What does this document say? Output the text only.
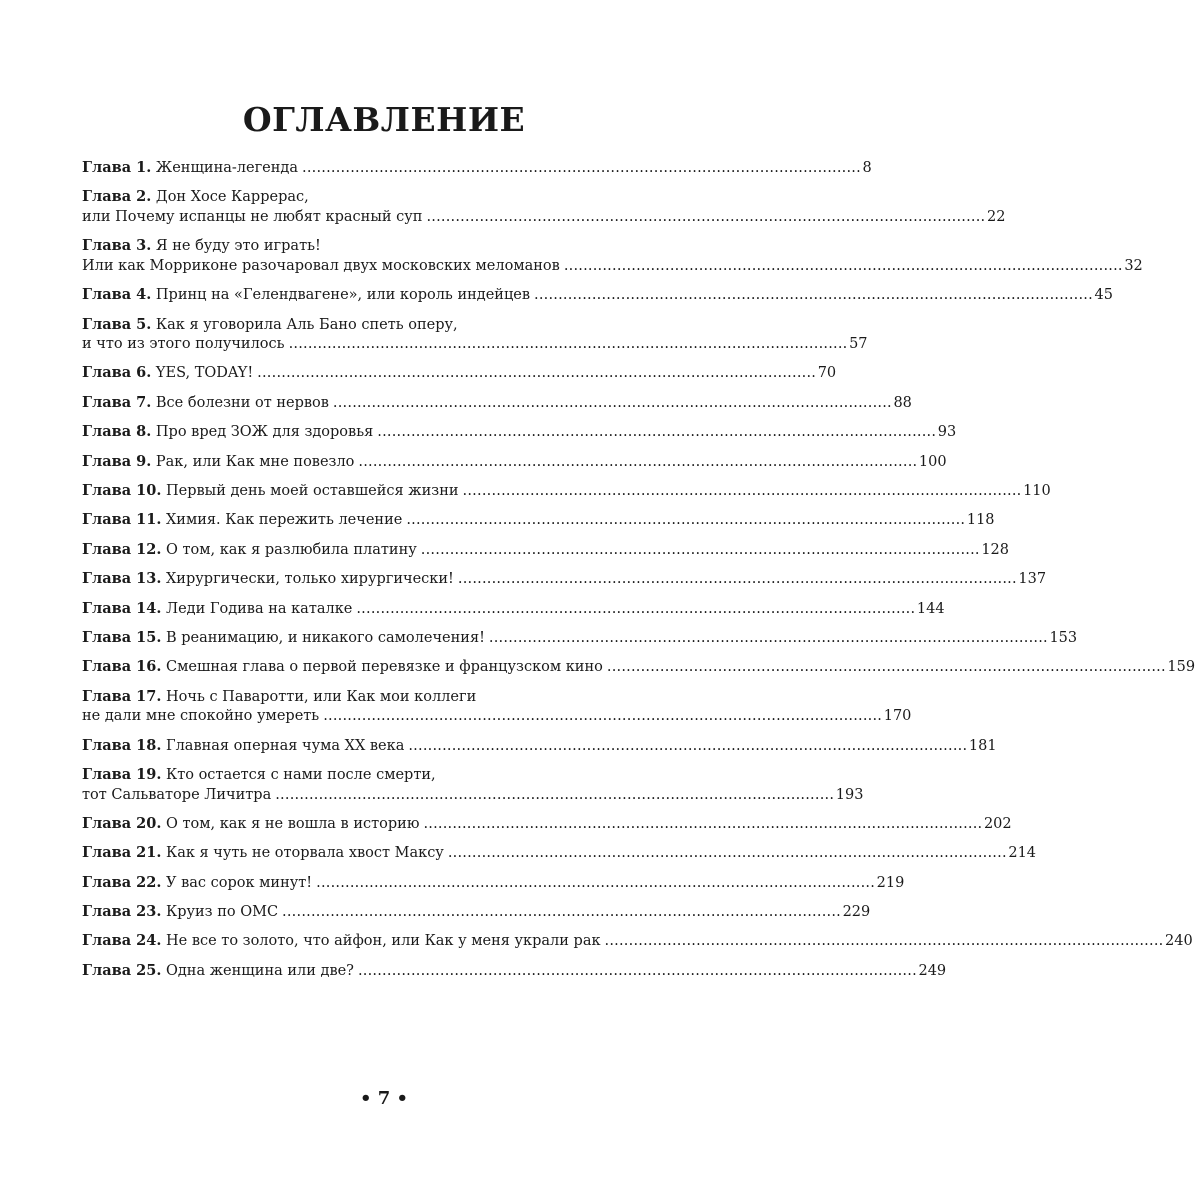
ОГЛАВЛЕНИЕ
Глава 1. Женщина-легенда . . .	8
Глава 2. Дон Хосе Каррерас,
или Почему испанцы не любят красный суп . . .	22
Глава 3. Я не буду это играть!
Или как Морриконе разочаровал двух московских меломанов . . .	32
Глава 4. Принц на «Гелендвагене», или король индейцев . . .	45
Глава 5. Как я уговорила Аль Бано спеть оперу,
и что из этого получилось . . .	57
Глава 6. YES, TODAY! . . .	70
Глава 7. Все болезни от нервов . . .	88
Глава 8. Про вред ЗОЖ для здоровья . . .	93
Глава 9. Рак, или Как мне повезло . . .	100
Глава 10. Первый день моей оставшейся жизни . . .	110
Глава 11. Химия. Как пережить лечение . . .	118
Глава 12. О том, как я разлюбила платину . . .	128
Глава 13. Хирургически, только хирургически! . . .	137
Глава 14. Леди Годива на каталке . . .	144
Глава 15. В реанимацию, и никакого самолечения! . . .	153
Глава 16. Смешная глава о первой перевязке и французском кино . . .	159
Глава 17. Ночь с Паваротти, или Как мои коллеги
не дали мне спокойно умереть . . .	170
Глава 18. Главная оперная чума XX века . . .	181
Глава 19. Кто остается с нами после смерти,
тот Сальваторе Личитра . . .	193
Глава 20. О том, как я не вошла в историю . . .	202
Глава 21. Как я чуть не оторвала хвост Максу . . .	214
Глава 22. У вас сорок минут! . . .	219
Глава 23. Круиз по ОМС . . .	229
Глава 24. Не все то золото, что айфон, или Как у меня украли рак . . .	240
Глава 25. Одна женщина или две? . . .	249
• 7 •
